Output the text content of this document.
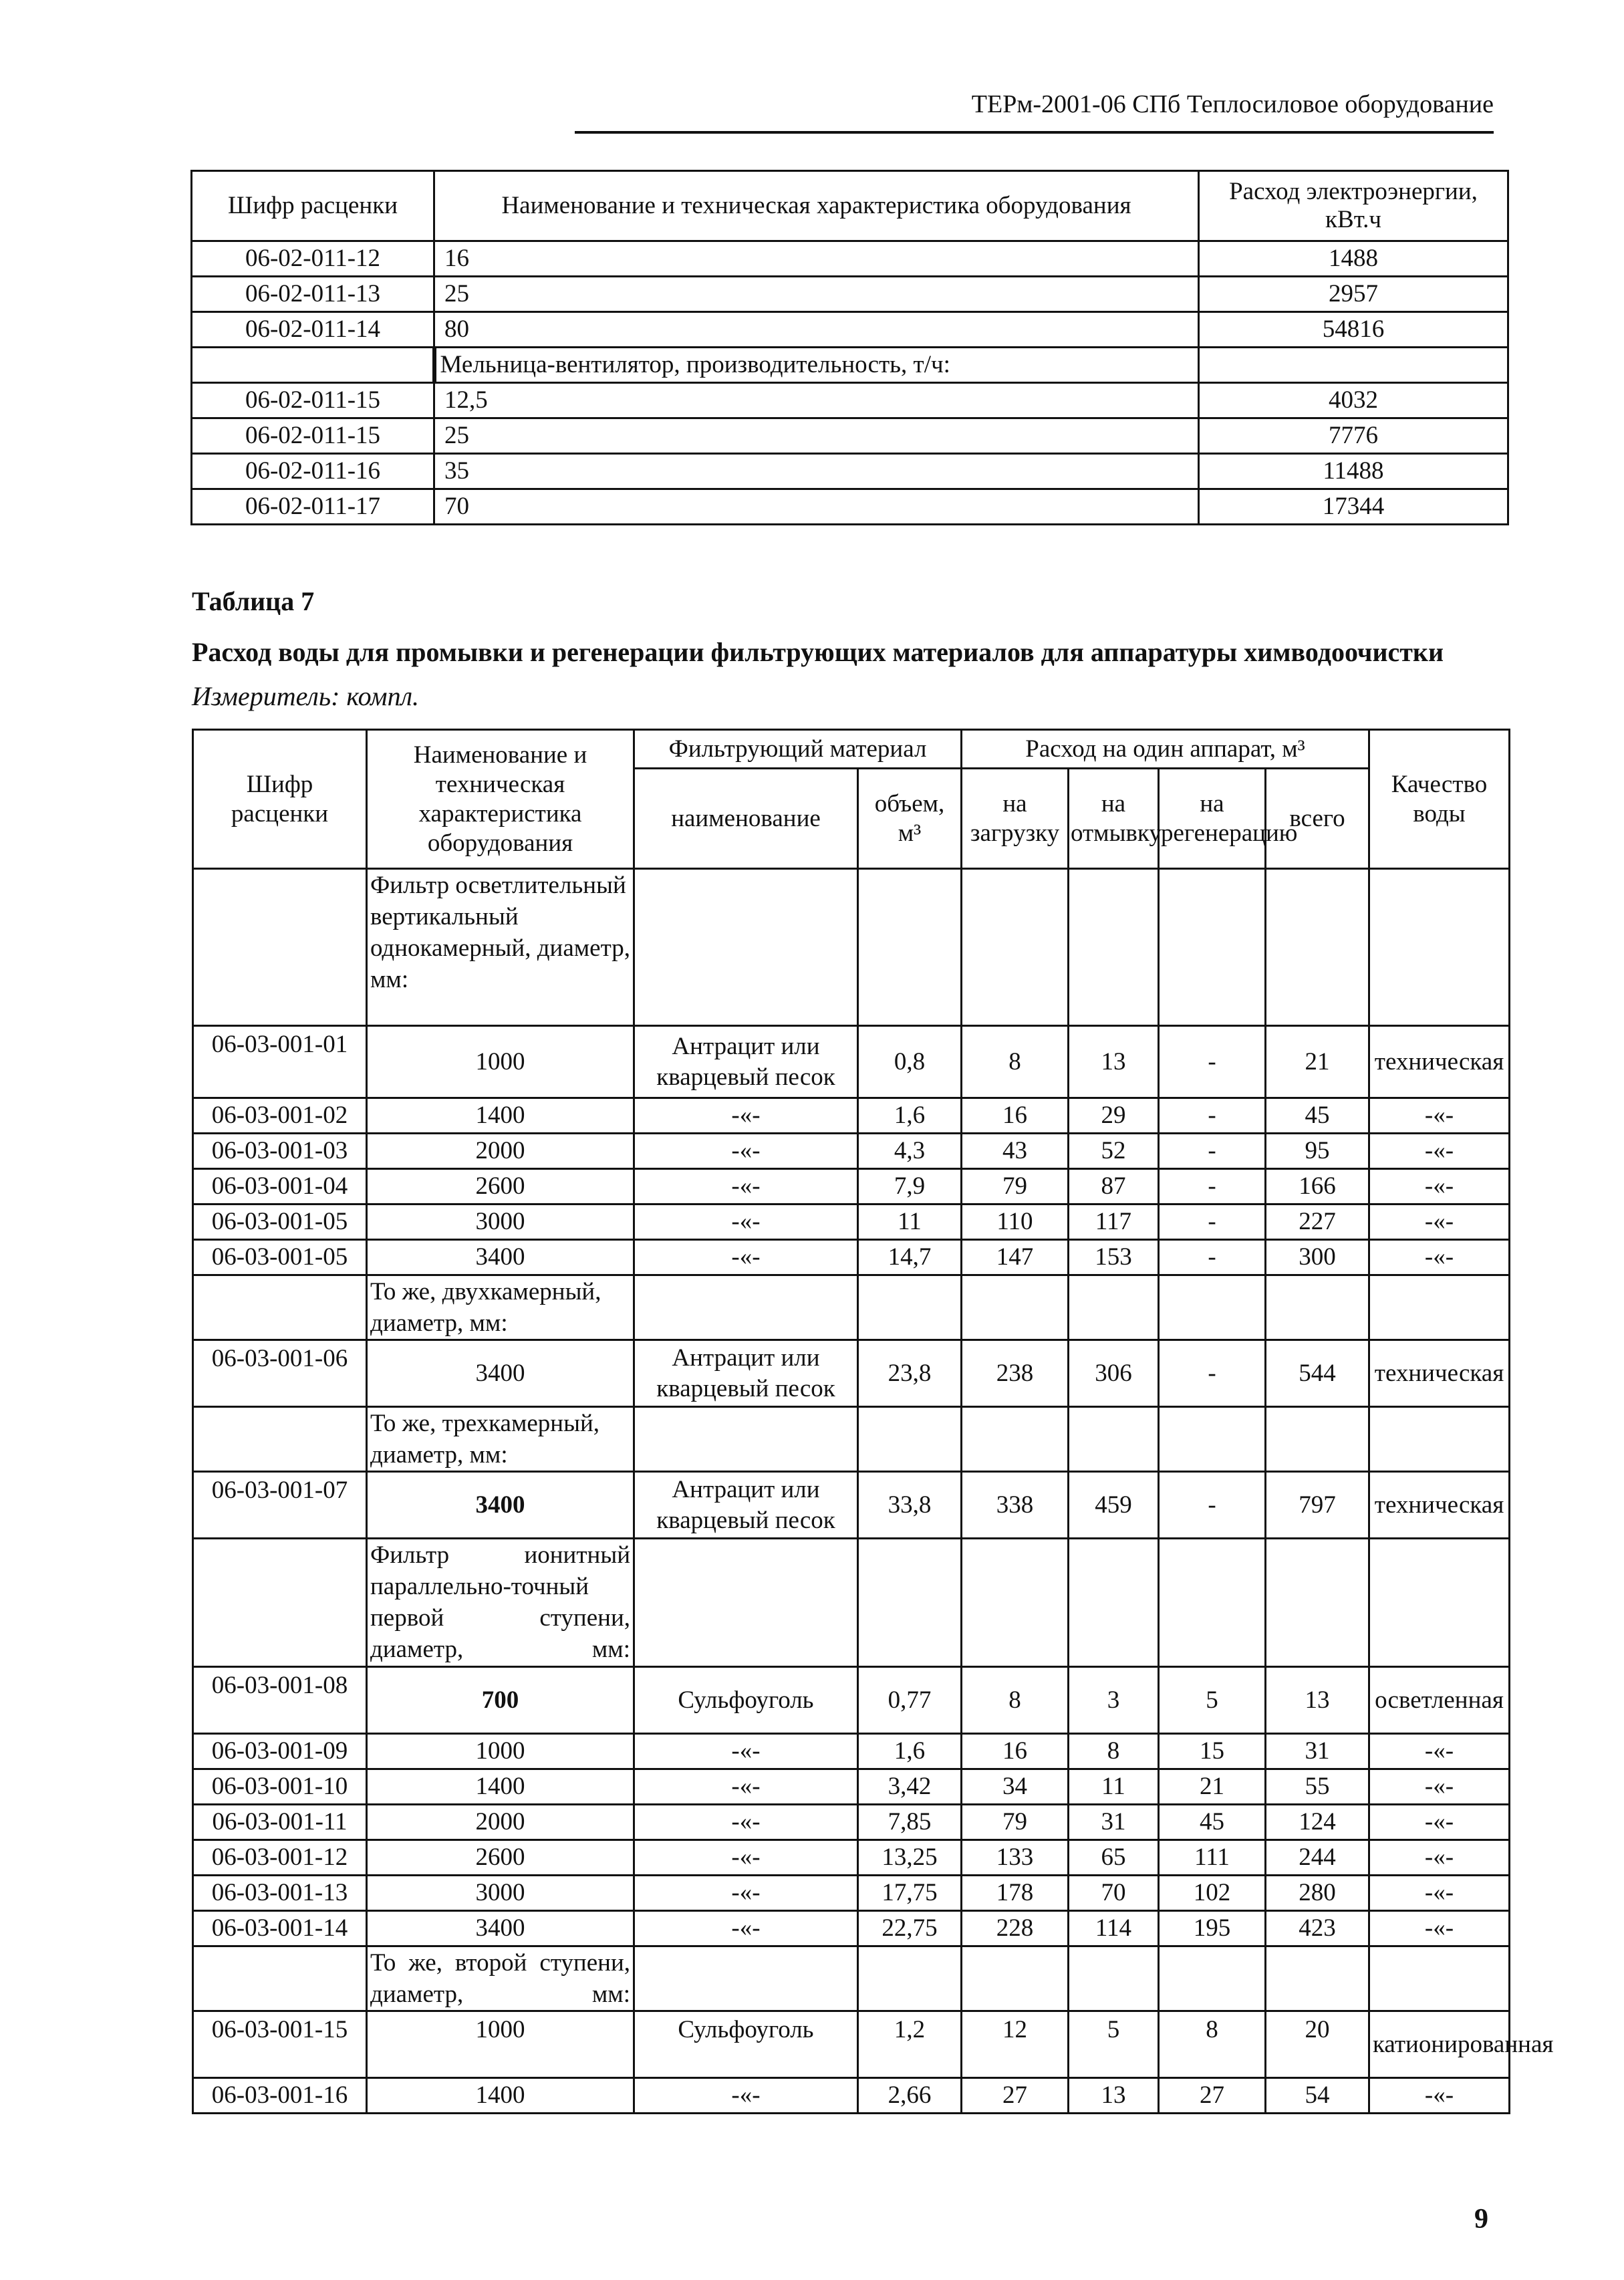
ТЕРм-2001-06 СПб Теплосиловое оборудование
Шифр расценки	Наименование и техническая характеристика оборудования	Расход электроэнергии, кВт.ч
06-02-011-12	16	1488
06-02-011-13	25	2957
06-02-011-14	80	54816
	Мельница-вентилятор, производительность, т/ч:	
06-02-011-15	12,5	4032
06-02-011-15	25	7776
06-02-011-16	35	11488
06-02-011-17	70	17344
Таблица 7
Расход воды для промывки и регенерации фильтрующих материалов для аппаратуры химводоочистки
Измеритель: компл.
Шифр расценки	Наименование и техническая характеристика оборудования	Фильтрующий материал		Расход на один аппарат, м³				Качество воды
		наименование	объем, м³	на загрузку	на отмывку	на регенерацию	всего	
	Фильтр осветлительный вертикальный однокамерный, диаметр, мм:							
06-03-001-01	1000	Антрацит или кварцевый песок	0,8	8	13	-	21	техническая
06-03-001-02	1400	-«-	1,6	16	29	-	45	-«-
06-03-001-03	2000	-«-	4,3	43	52	-	95	-«-
06-03-001-04	2600	-«-	7,9	79	87	-	166	-«-
06-03-001-05	3000	-«-	11	110	117	-	227	-«-
06-03-001-05	3400	-«-	14,7	147	153	-	300	-«-
	То же, двухкамерный, диаметр, мм:							
06-03-001-06	3400	Антрацит или кварцевый песок	23,8	238	306	-	544	техническая
	То же, трехкамерный, диаметр, мм:							
06-03-001-07	3400	Антрацит или кварцевый песок	33,8	338	459	-	797	техническая
	Фильтр ионитный параллельно-точный первой ступени, диаметр, мм:							
06-03-001-08	700	Сульфоуголь	0,77	8	3	5	13	осветленная
06-03-001-09	1000	-«-	1,6	16	8	15	31	-«-
06-03-001-10	1400	-«-	3,42	34	11	21	55	-«-
06-03-001-11	2000	-«-	7,85	79	31	45	124	-«-
06-03-001-12	2600	-«-	13,25	133	65	111	244	-«-
06-03-001-13	3000	-«-	17,75	178	70	102	280	-«-
06-03-001-14	3400	-«-	22,75	228	114	195	423	-«-
	То же, второй ступени, диаметр, мм:							
06-03-001-15	1000	Сульфоуголь	1,2	12	5	8	20	катионированная
06-03-001-16	1400	-«-	2,66	27	13	27	54	-«-
9
